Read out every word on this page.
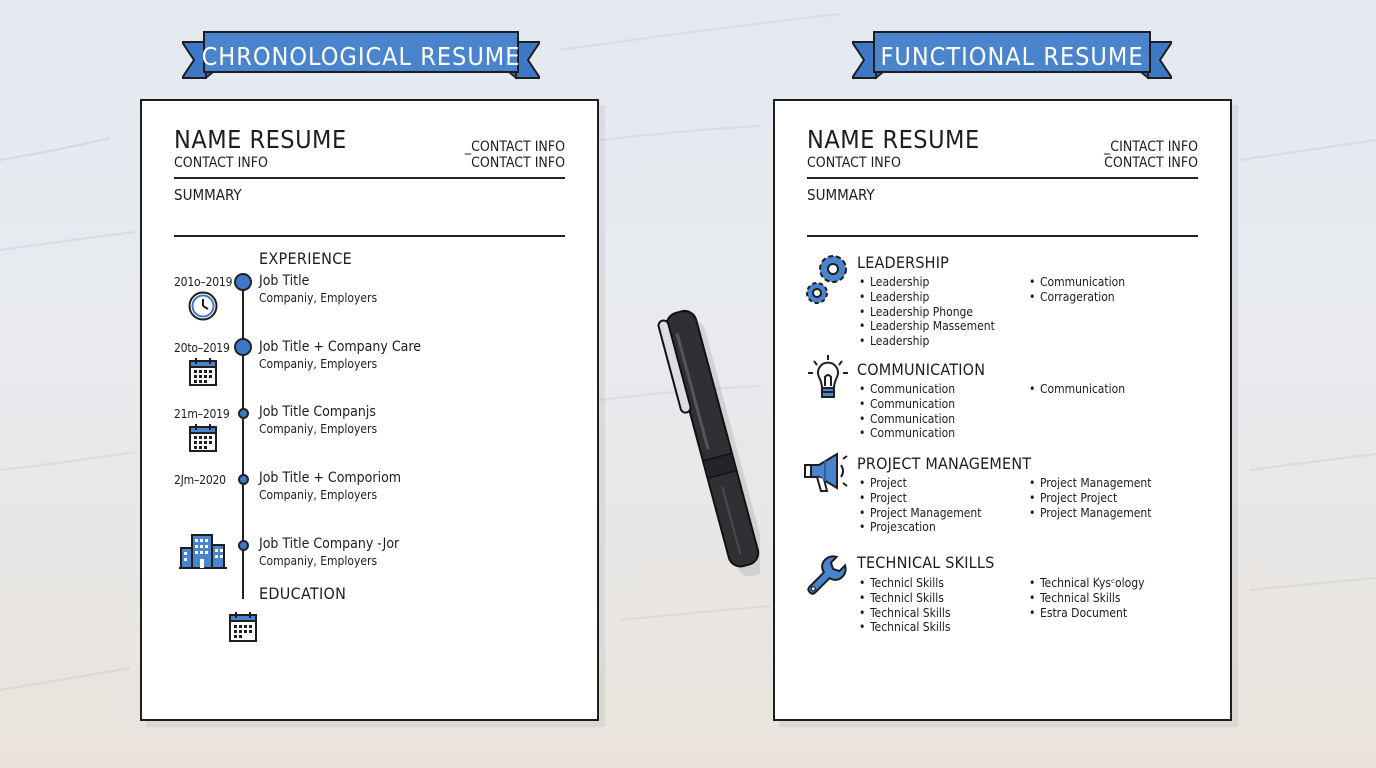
CHRONOLOGICAL RESUME	FUNCTIONAL RESUME
NAME RESUME
CONTACT INFO
_CONTACT INFO
CONTACT INFO
SUMMARY
EXPERIENCE
201o–2019 Job Title
Companiy, Employers
20to–2019 Job Title + Company Care
Companiy, Employers
21m–2019 Job Title Companjs
Companiy, Employers
2Jm–2020 Job Title + Comporiom
Companiy, Employers
Job Title Company -Jor
Companiy, Employers
EDUCATION
NAME RESUME
CONTACT INFO
_CINTACT INFO
CONTACT INFO
SUMMARY
LEADERSHIP
• Leadership
• Leadership
• Leadership Phonge
• Leadership Massement
• Leadership
• Communication
• Corrageration
COMMUNICATION
• Communication
• Communication
• Communication
• Communication
• Communication
PROJECT MANAGEMENT
• Project
• Project
• Project Management
• Projeɜcation
• Project Management
• Project Project
• Project Management
TECHNICAL SKILLS
• Technicl Skills
• Technicl Skills
• Technical Skills
• Technical Skills
• Technical Kysᶜology
• Technical Skills
• Estra Document
